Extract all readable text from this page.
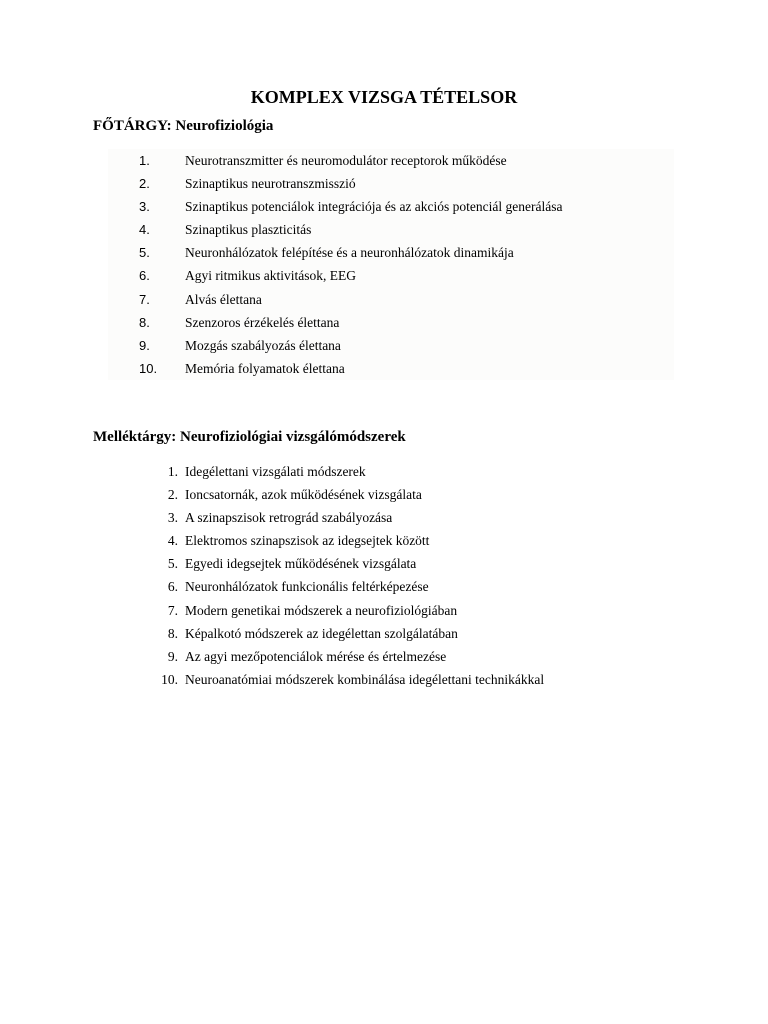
KOMPLEX VIZSGA TÉTELSOR
FŐTÁRGY: Neurofiziológia
1.	Neurotranszmitter és neuromodulátor receptorok működése
2.	Szinaptikus neurotranszmisszió
3.	Szinaptikus potenciálok integrációja és az akciós potenciál generálása
4.	Szinaptikus plaszticitás
5.	Neuronhálózatok felépítése és a neuronhálózatok dinamikája
6.	Agyi ritmikus aktivitások, EEG
7.	Alvás élettana
8.	Szenzoros érzékelés élettana
9.	Mozgás szabályozás élettana
10. Memória folyamatok élettana
Melléktárgy: Neurofiziológiai vizsgálómódszerek
1. Idegélettani vizsgálati módszerek
2. Ioncsatornák, azok működésének vizsgálata
3. A szinapszisok retrográd szabályozása
4. Elektromos szinapszisok az idegsejtek között
5. Egyedi idegsejtek működésének vizsgálata
6. Neuronhálózatok funkcionális feltérképezése
7. Modern genetikai módszerek a neurofiziológiában
8. Képalkotó módszerek az idegélettan szolgálatában
9. Az agyi mezőpotenciálok mérése és értelmezése
10. Neuroanatómiai módszerek kombinálása idegélettani technikákkal
